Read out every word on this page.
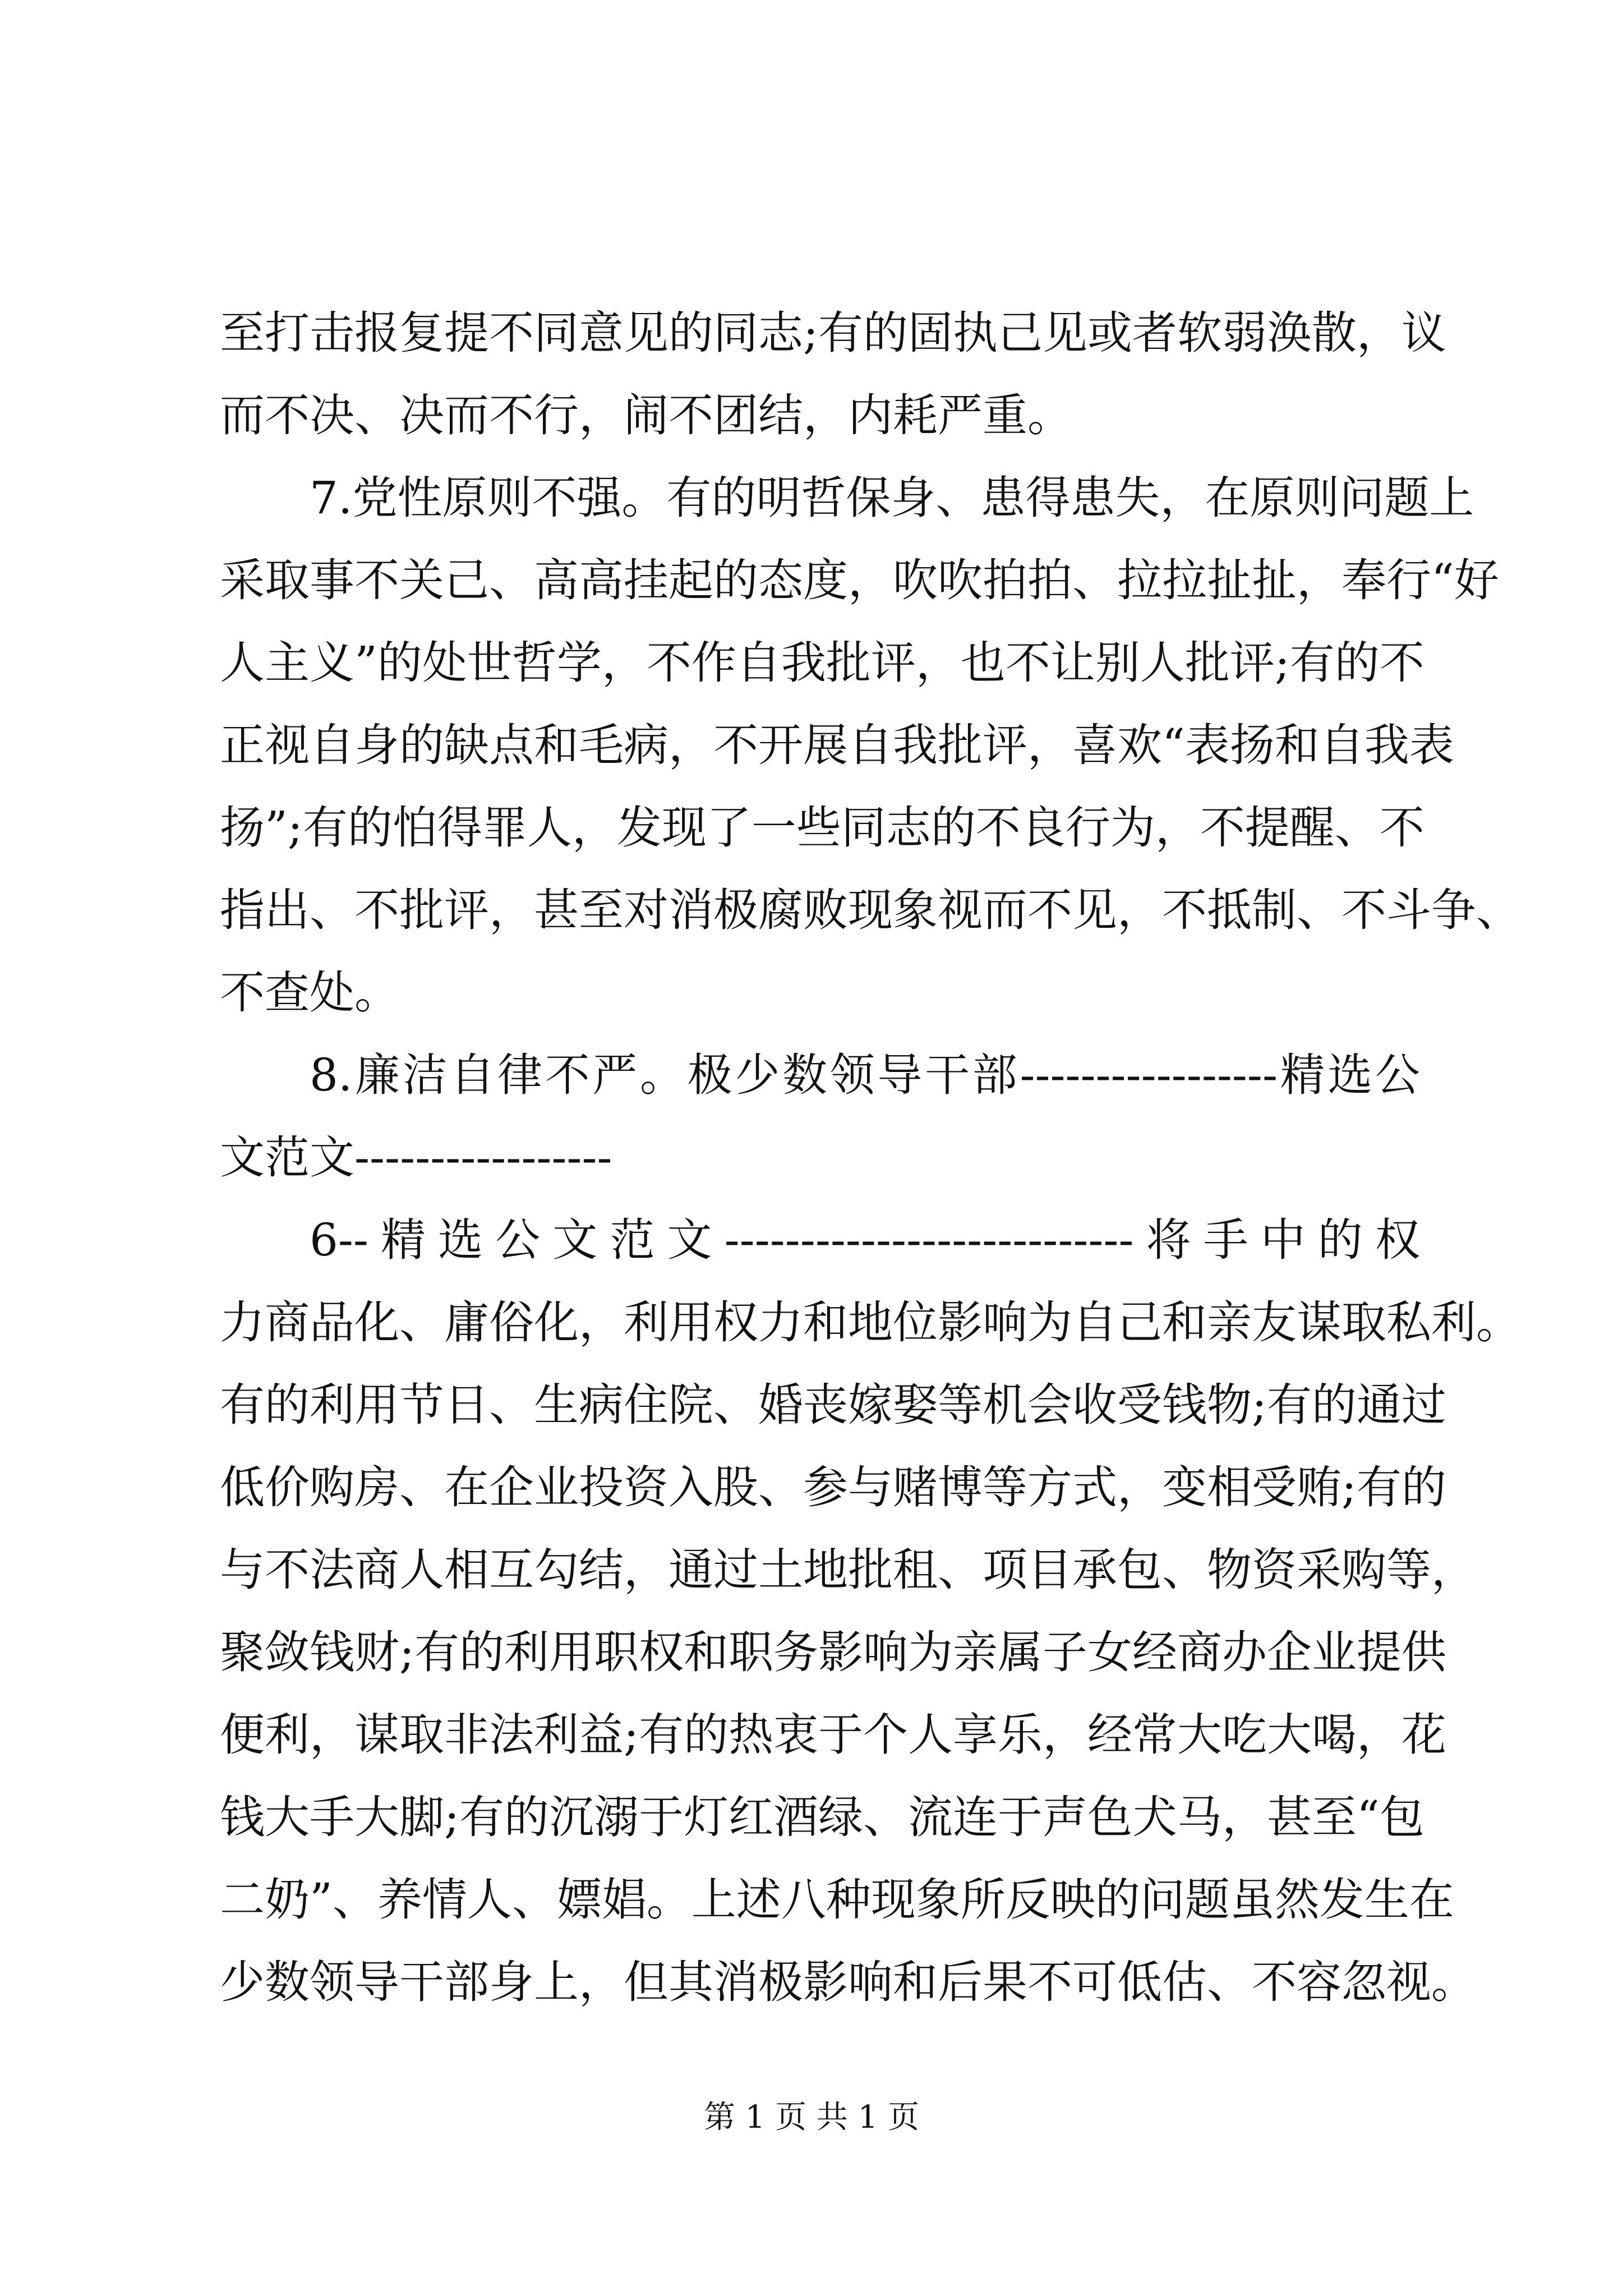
至打击报复提不同意见的同志;有的固执己见或者软弱涣散，议
而不决、决而不行，闹不团结，内耗严重。
7.党性原则不强。有的明哲保身、患得患失，在原则问题上
采取事不关己、高高挂起的态度，吹吹拍拍、拉拉扯扯，奉行“好
人主义”的处世哲学，不作自我批评，也不让别人批评;有的不
正视自身的缺点和毛病，不开展自我批评，喜欢“表扬和自我表
扬”;有的怕得罪人，发现了一些同志的不良行为，不提醒、不
指出、不批评，甚至对消极腐败现象视而不见，不抵制、不斗争、
不查处。
8.廉洁自律不严。极少数领导干部-----------------精选公
文范文-----------------
6--精选公文范文---------------------------将手中的权
力商品化、庸俗化，利用权力和地位影响为自己和亲友谋取私利。
有的利用节日、生病住院、婚丧嫁娶等机会收受钱物;有的通过
低价购房、在企业投资入股、参与赌博等方式，变相受贿;有的
与不法商人相互勾结，通过土地批租、项目承包、物资采购等，
聚敛钱财;有的利用职权和职务影响为亲属子女经商办企业提供
便利，谋取非法利益;有的热衷于个人享乐，经常大吃大喝，花
钱大手大脚;有的沉溺于灯红酒绿、流连于声色犬马，甚至“包
二奶”、养情人、嫖娼。上述八种现象所反映的问题虽然发生在
少数领导干部身上，但其消极影响和后果不可低估、不容忽视。
第 1 页 共 1 页
